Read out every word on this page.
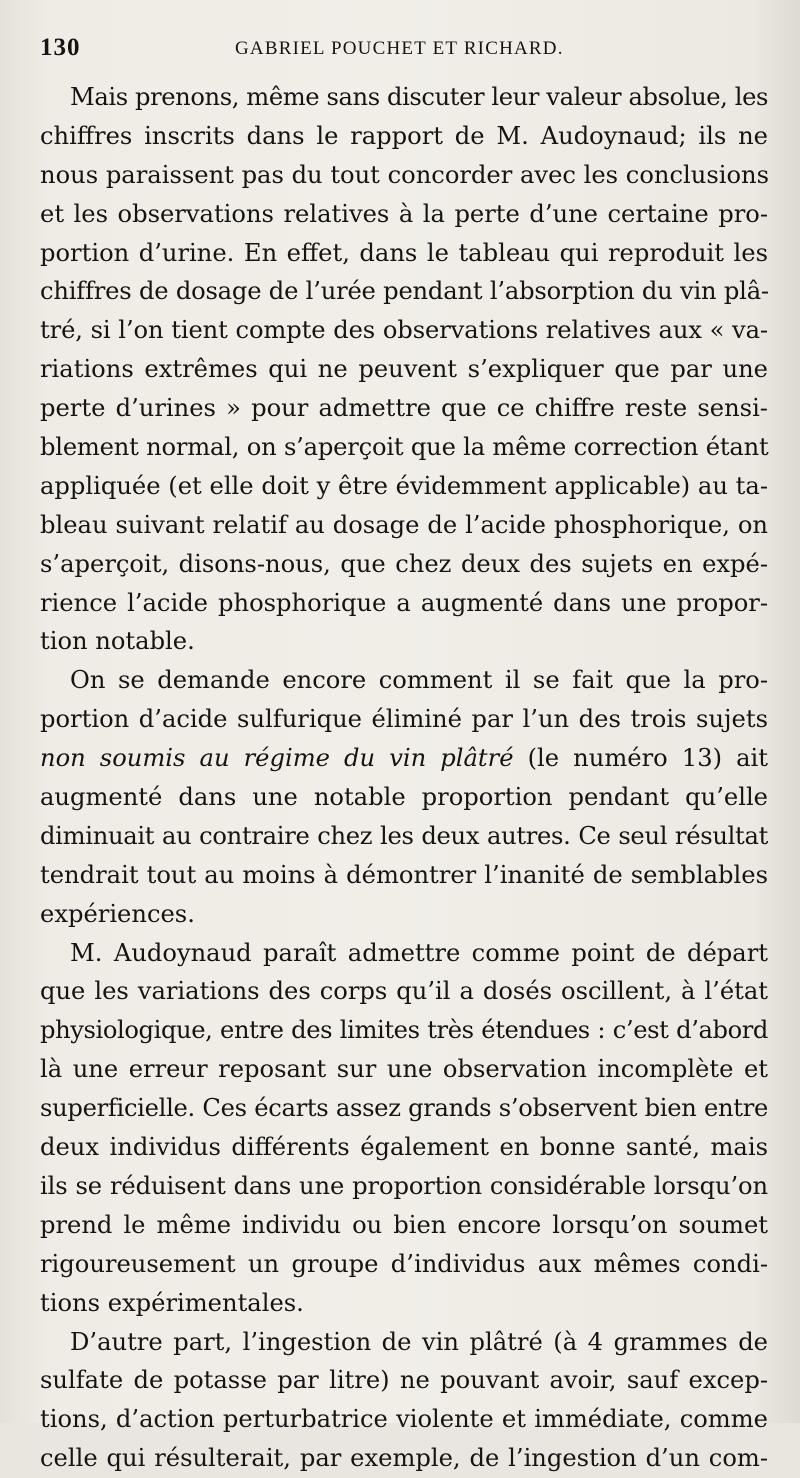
130	GABRIEL POUCHET ET RICHARD.
Mais prenons, même sans discuter leur valeur absolue, les
chiffres inscrits dans le rapport de M. Audoynaud; ils ne
nous paraissent pas du tout concorder avec les conclusions
et les observations relatives à la perte d’une certaine pro-
portion d’urine. En effet, dans le tableau qui reproduit les
chiffres de dosage de l’urée pendant l’absorption du vin plâ-
tré, si l’on tient compte des observations relatives aux « va-
riations extrêmes qui ne peuvent s’expliquer que par une
perte d’urines » pour admettre que ce chiffre reste sensi-
blement normal, on s’aperçoit que la même correction étant
appliquée (et elle doit y être évidemment applicable) au ta-
bleau suivant relatif au dosage de l’acide phosphorique, on
s’aperçoit, disons-nous, que chez deux des sujets en expé-
rience l’acide phosphorique a augmenté dans une propor-
tion notable.
On se demande encore comment il se fait que la pro-
portion d’acide sulfurique éliminé par l’un des trois sujets
non soumis au régime du vin plâtré (le numéro 13) ait
augmenté dans une notable proportion pendant qu’elle
diminuait au contraire chez les deux autres. Ce seul résultat
tendrait tout au moins à démontrer l’inanité de semblables
expériences.
M. Audoynaud paraît admettre comme point de départ
que les variations des corps qu’il a dosés oscillent, à l’état
physiologique, entre des limites très étendues : c’est d’abord
là une erreur reposant sur une observation incomplète et
superficielle. Ces écarts assez grands s’observent bien entre
deux individus différents également en bonne santé, mais
ils se réduisent dans une proportion considérable lorsqu’on
prend le même individu ou bien encore lorsqu’on soumet
rigoureusement un groupe d’individus aux mêmes condi-
tions expérimentales.
D’autre part, l’ingestion de vin plâtré (à 4 grammes de
sulfate de potasse par litre) ne pouvant avoir, sauf excep-
tions, d’action perturbatrice violente et immédiate, comme
celle qui résulterait, par exemple, de l’ingestion d’un com-
